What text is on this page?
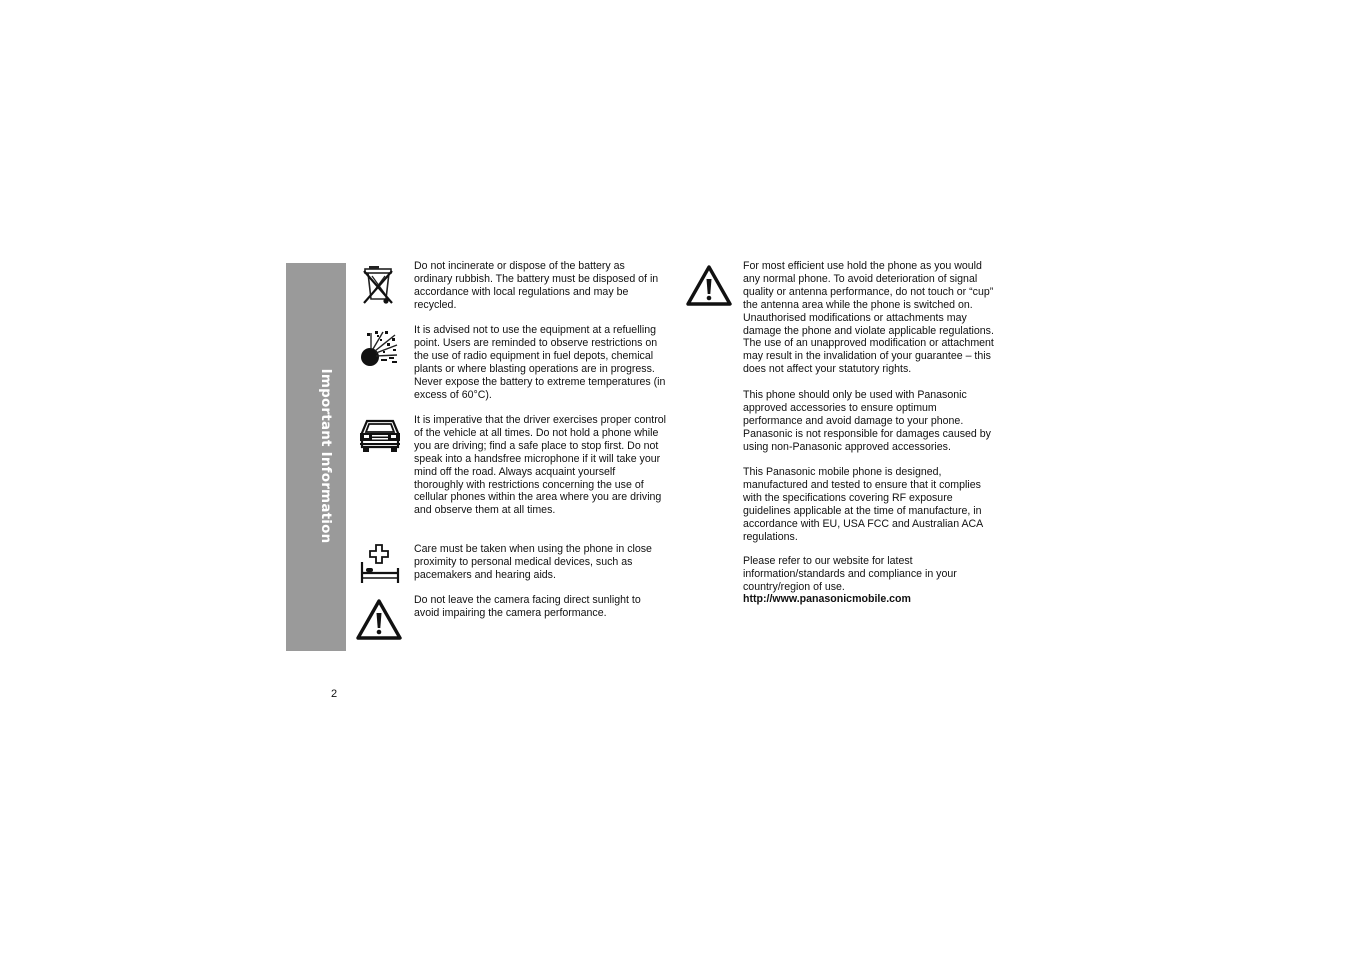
Important Information

Do not incinerate or dispose of the battery as ordinary rubbish. The battery must be disposed of in accordance with local regulations and may be recycled.

It is advised not to use the equipment at a refuelling point. Users are reminded to observe restrictions on the use of radio equipment in fuel depots, chemical plants or where blasting operations are in progress. Never expose the battery to extreme temperatures (in excess of 60°C).

It is imperative that the driver exercises proper control of the vehicle at all times. Do not hold a phone while you are driving; find a safe place to stop first. Do not speak into a handsfree microphone if it will take your mind off the road. Always acquaint yourself thoroughly with restrictions concerning the use of cellular phones within the area where you are driving and observe them at all times.

Care must be taken when using the phone in close proximity to personal medical devices, such as pacemakers and hearing aids.

Do not leave the camera facing direct sunlight to avoid impairing the camera performance.

For most efficient use hold the phone as you would any normal phone. To avoid deterioration of signal quality or antenna performance, do not touch or “cup” the antenna area while the phone is switched on. Unauthorised modifications or attachments may damage the phone and violate applicable regulations. The use of an unapproved modification or attachment may result in the invalidation of your guarantee – this does not affect your statutory rights.

This phone should only be used with Panasonic approved accessories to ensure optimum performance and avoid damage to your phone. Panasonic is not responsible for damages caused by using non-Panasonic approved accessories.

This Panasonic mobile phone is designed, manufactured and tested to ensure that it complies with the specifications covering RF exposure guidelines applicable at the time of manufacture, in accordance with EU, USA FCC and Australian ACA regulations.

Please refer to our website for latest information/standards and compliance in your country/region of use.

http://www.panasonicmobile.com
2
